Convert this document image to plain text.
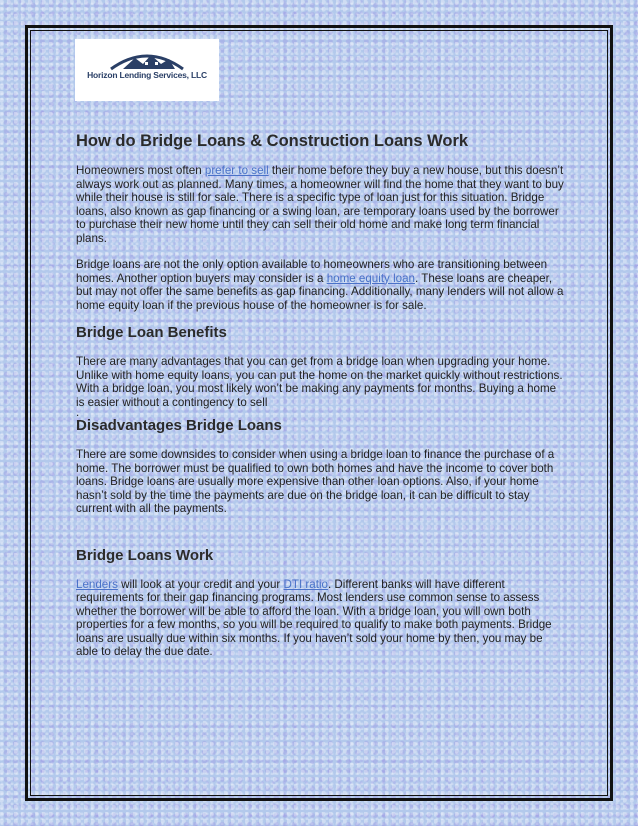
Horizon Lending Services, LLC
How do Bridge Loans & Construction Loans Work

Homeowners most often prefer to sell their home before they buy a new house, but this doesn’t always work out as planned. Many times, a homeowner will find the home that they want to buy while their house is still for sale. There is a specific type of loan just for this situation. Bridge loans, also known as gap financing or a swing loan, are temporary loans used by the borrower to purchase their new home until they can sell their old home and make long term financial plans.

Bridge loans are not the only option available to homeowners who are transitioning between homes. Another option buyers may consider is a home equity loan. These loans are cheaper, but may not offer the same benefits as gap financing. Additionally, many lenders will not allow a home equity loan if the previous house of the homeowner is for sale.

Bridge Loan Benefits

There are many advantages that you can get from a bridge loan when upgrading your home. Unlike with home equity loans, you can put the home on the market quickly without restrictions. With a bridge loan, you most likely won’t be making any payments for months. Buying a home is easier without a contingency to sell

.

Disadvantages Bridge Loans

There are some downsides to consider when using a bridge loan to finance the purchase of a home. The borrower must be qualified to own both homes and have the income to cover both loans. Bridge loans are usually more expensive than other loan options. Also, if your home hasn’t sold by the time the payments are due on the bridge loan, it can be difficult to stay current with all the payments.

Bridge Loans Work

Lenders will look at your credit and your DTI ratio. Different banks will have different requirements for their gap financing programs. Most lenders use common sense to assess whether the borrower will be able to afford the loan. With a bridge loan, you will own both properties for a few months, so you will be required to qualify to make both payments. Bridge loans are usually due within six months. If you haven’t sold your home by then, you may be able to delay the due date.
